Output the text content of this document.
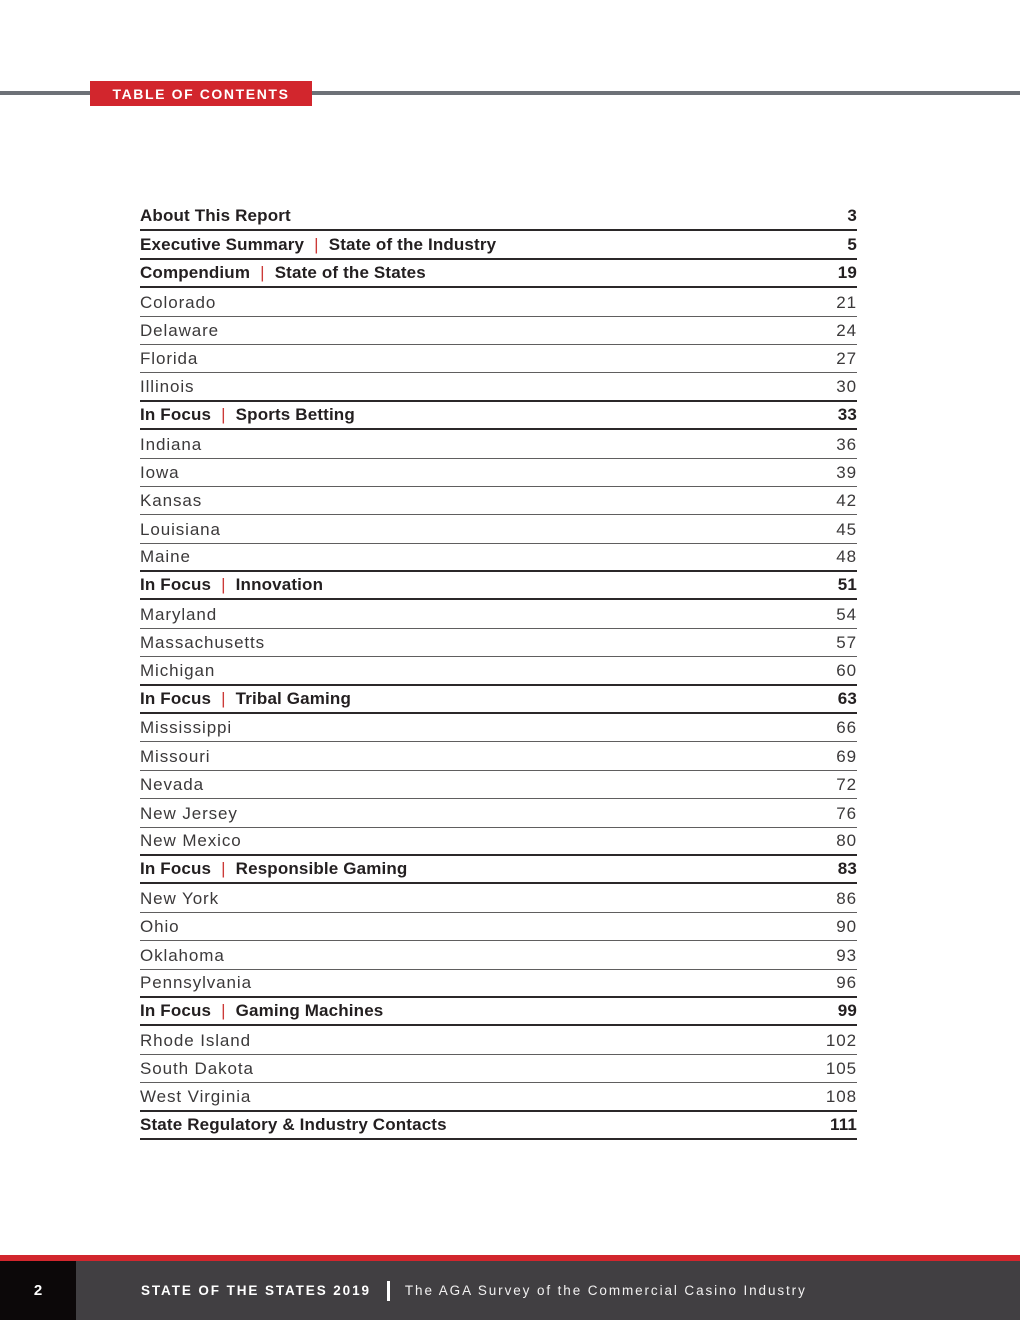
TABLE OF CONTENTS
About This Report	3
Executive Summary | State of the Industry	5
Compendium | State of the States	19
Colorado	21
Delaware	24
Florida	27
Illinois	30
In Focus | Sports Betting	33
Indiana	36
Iowa	39
Kansas	42
Louisiana	45
Maine	48
In Focus | Innovation	51
Maryland	54
Massachusetts	57
Michigan	60
In Focus | Tribal Gaming	63
Mississippi	66
Missouri	69
Nevada	72
New Jersey	76
New Mexico	80
In Focus | Responsible Gaming	83
New York	86
Ohio	90
Oklahoma	93
Pennsylvania	96
In Focus | Gaming Machines	99
Rhode Island	102
South Dakota	105
West Virginia	108
State Regulatory & Industry Contacts	111
2	STATE OF THE STATES 2019	The AGA Survey of the Commercial Casino Industry
